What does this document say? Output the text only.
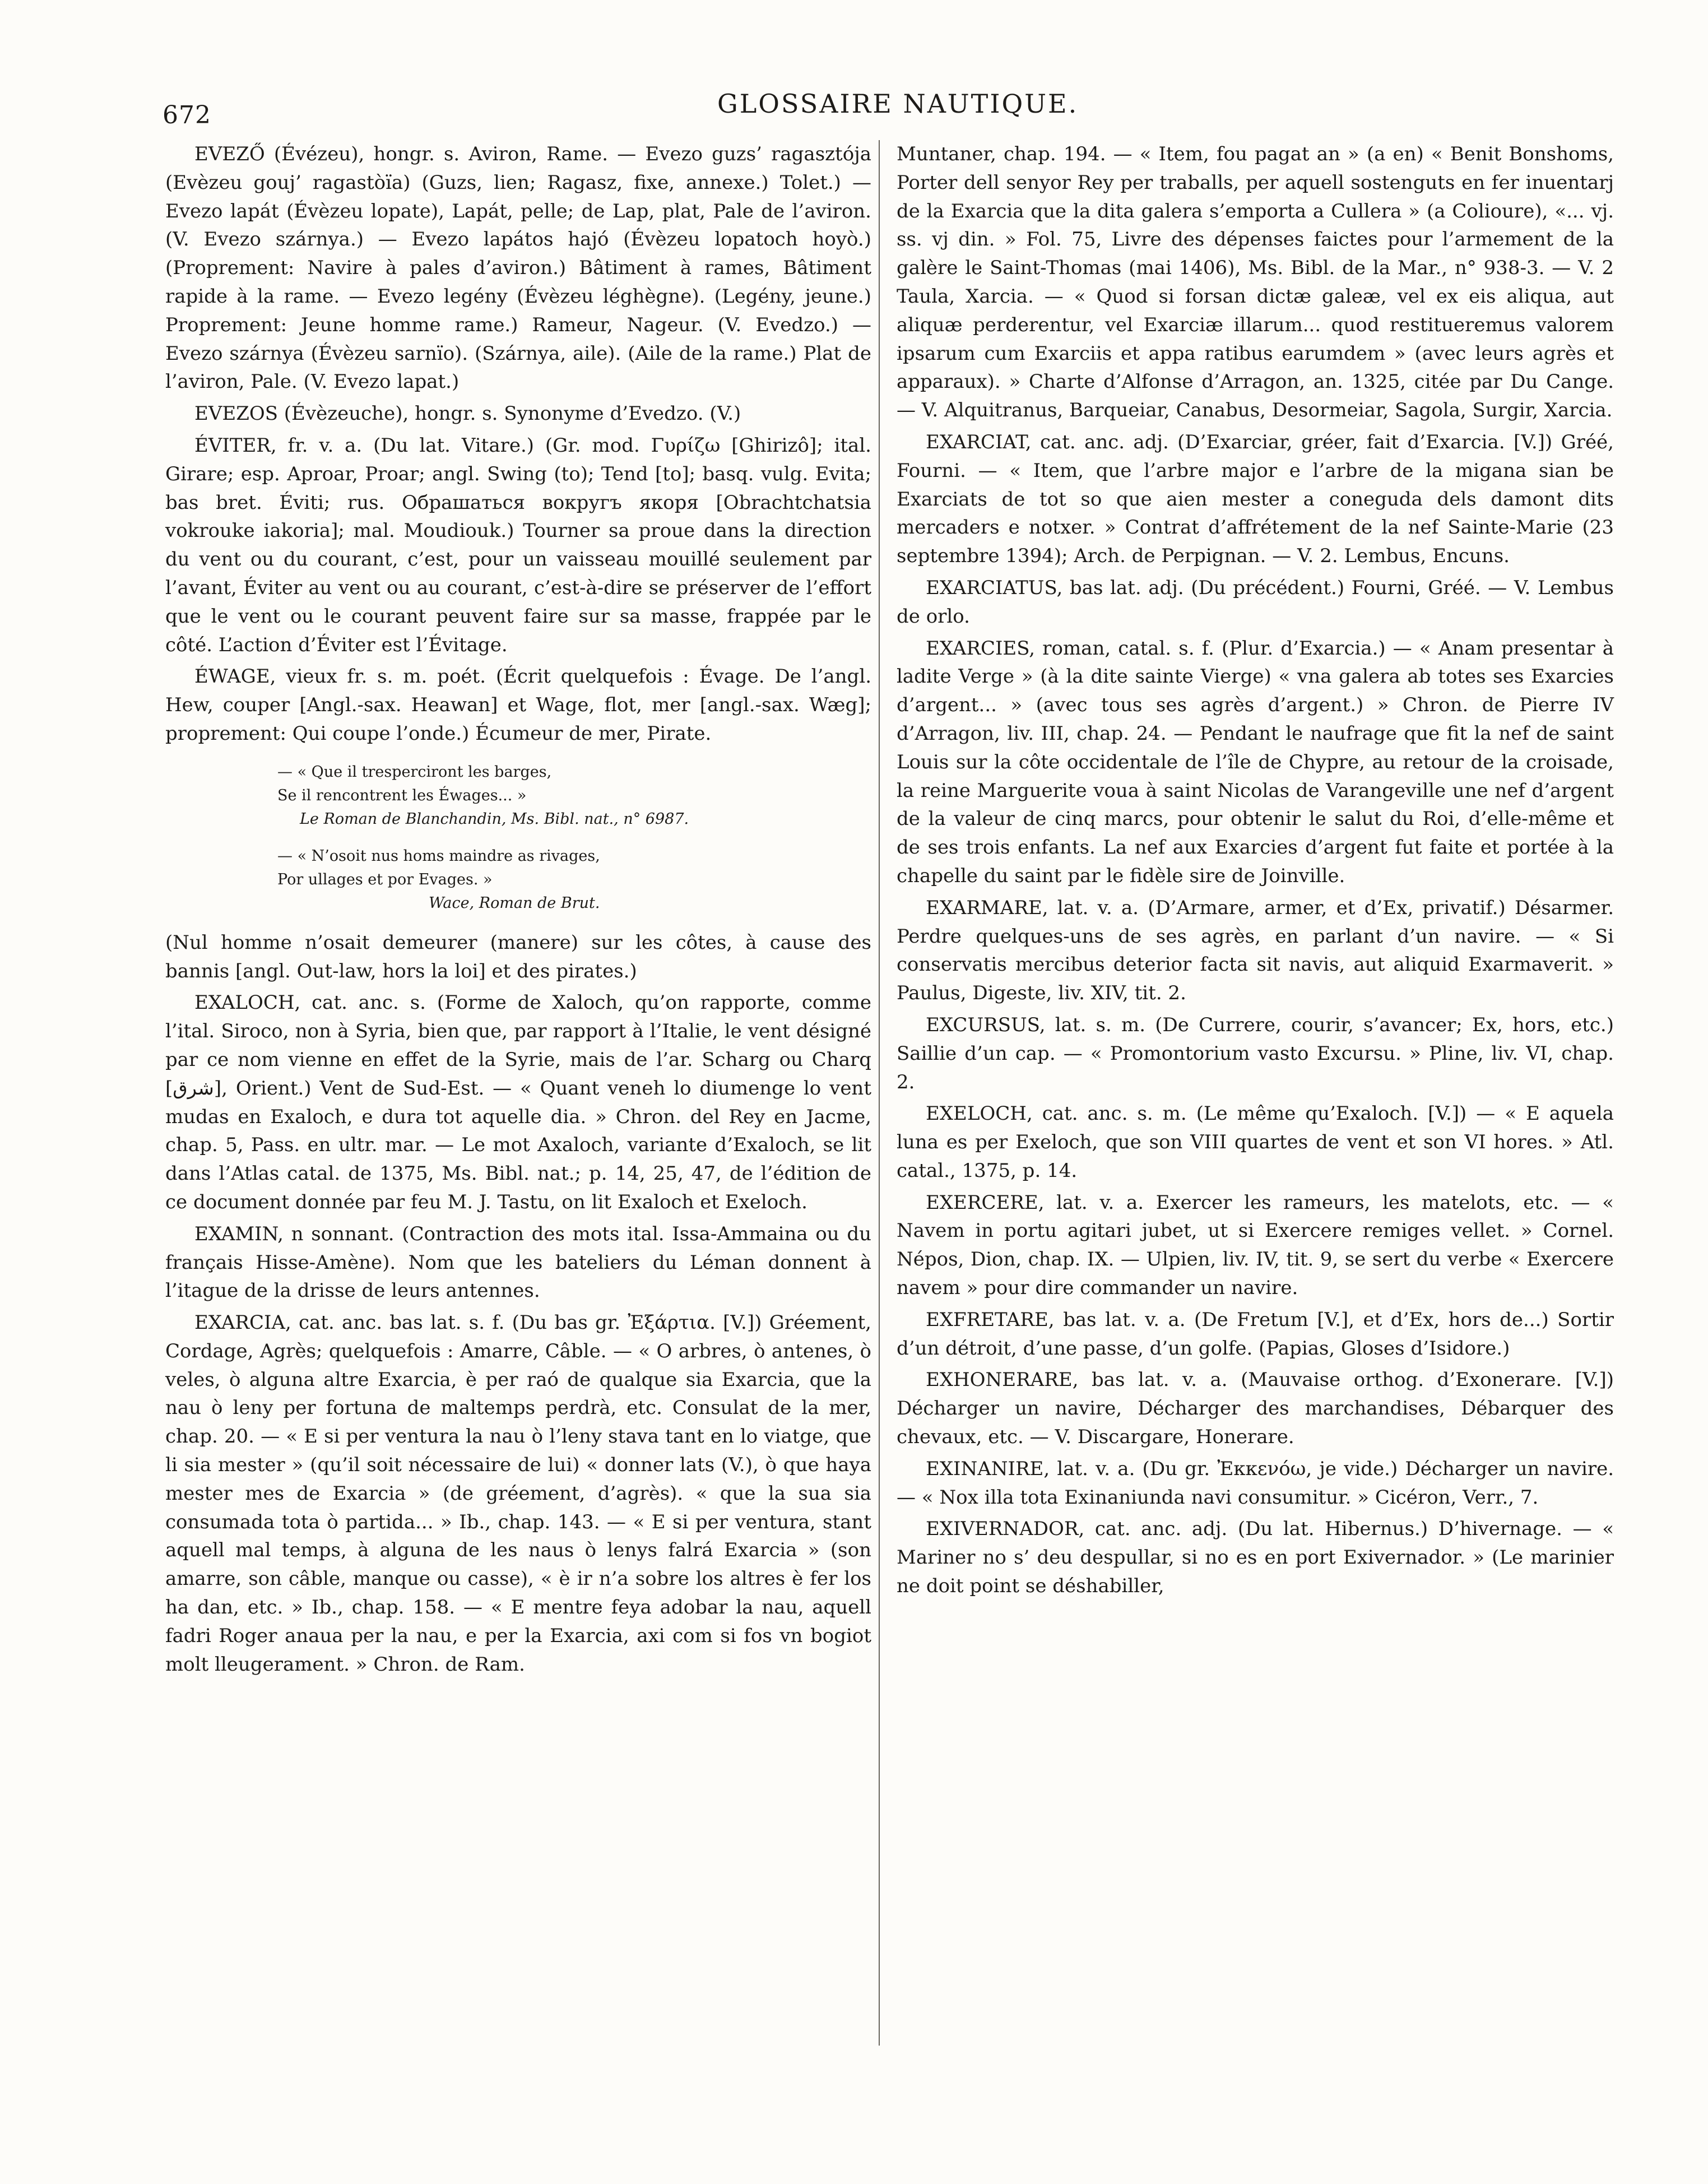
672	GLOSSAIRE NAUTIQUE.

EVEZŐ (Évézeu), hongr. s. Aviron, Rame. — Evezo guzs’ ragasztója (Evèzeu gouj’ ragastòïa) (Guzs, lien; Ragasz, fixe, annexe.) Tolet.) — Evezo lapát (Évèzeu lopate), Lapát, pelle; de Lap, plat, Pale de l’aviron. (V. Evezo szárnya.) — Evezo lapátos hajó (Évèzeu lopatoch hoyò.) (Proprement: Navire à pales d’aviron.) Bâtiment à rames, Bâtiment rapide à la rame. — Evezo legény (Évèzeu léghègne). (Legény, jeune.) Proprement: Jeune homme rame.) Rameur, Nageur. (V. Evedzo.) — Evezo szárnya (Évèzeu sarnïo). (Szárnya, aile). (Aile de la rame.) Plat de l’aviron, Pale. (V. Evezo lapat.)

EVEZOS (Évèzeuche), hongr. s. Synonyme d’Evedzo. (V.)

ÉVITER, fr. v. a. (Du lat. Vitare.) (Gr. mod. Γυρίζω [Ghirizô]; ital. Girare; esp. Aproar, Proar; angl. Swing (to); Tend [to]; basq. vulg. Evita; bas bret. Éviti; rus. Обрашаться вокругъ якоря [Obrachtchatsia vokrouke iakoria]; mal. Moudiouk.) Tourner sa proue dans la direction du vent ou du courant, c’est, pour un vaisseau mouillé seulement par l’avant, Éviter au vent ou au courant, c’est-à-dire se préserver de l’effort que le vent ou le courant peuvent faire sur sa masse, frappée par le côté. L’action d’Éviter est l’Évitage.

ÉWAGE, vieux fr. s. m. poét. (Écrit quelquefois : Évage. De l’angl. Hew, couper [Angl.-sax. Heawan] et Wage, flot, mer [angl.-sax. Wæg]; proprement: Qui coupe l’onde.) Écumeur de mer, Pirate.

— « Que il tresperciront les barges,
Se il rencontrent les Éwages... »
Le Roman de Blanchandin, Ms. Bibl. nat., n° 6987.
— « N’osoit nus homs maindre as rivages,
Por ullages et por Evages. »
Wace, Roman de Brut.

(Nul homme n’osait demeurer (manere) sur les côtes, à cause des bannis [angl. Out-law, hors la loi] et des pirates.)

EXALOCH, cat. anc. s. (Forme de Xaloch, qu’on rapporte, comme l’ital. Siroco, non à Syria, bien que, par rapport à l’Italie, le vent désigné par ce nom vienne en effet de la Syrie, mais de l’ar. Scharg ou Charq [شرق], Orient.) Vent de Sud-Est. — « Quant veneh lo diumenge lo vent mudas en Exaloch, e dura tot aquelle dia. » Chron. del Rey en Jacme, chap. 5, Pass. en ultr. mar. — Le mot Axaloch, variante d’Exaloch, se lit dans l’Atlas catal. de 1375, Ms. Bibl. nat.; p. 14, 25, 47, de l’édition de ce document donnée par feu M. J. Tastu, on lit Exaloch et Exeloch.

EXAMIN, n sonnant. (Contraction des mots ital. Issa-Ammaina ou du français Hisse-Amène). Nom que les bateliers du Léman donnent à l’itague de la drisse de leurs antennes.

EXARCIA, cat. anc. bas lat. s. f. (Du bas gr. Ἐξάρτια. [V.]) Gréement, Cordage, Agrès; quelquefois : Amarre, Câble. — « O arbres, ò antenes, ò veles, ò alguna altre Exarcia, è per raó de qualque sia Exarcia, que la nau ò leny per fortuna de maltemps perdrà, etc. Consulat de la mer, chap. 20. — « E si per ventura la nau ò l’leny stava tant en lo viatge, que li sia mester » (qu’il soit nécessaire de lui) « donner lats (V.), ò que haya mester mes de Exarcia » (de gréement, d’agrès). « que la sua sia consumada tota ò partida... » Ib., chap. 143. — « E si per ventura, stant aquell mal temps, à alguna de les naus ò lenys falrá Exarcia » (son amarre, son câble, manque ou casse), « è ir n’a sobre los altres è fer los ha dan, etc. » Ib., chap. 158. — « E mentre feya adobar la nau, aquell fadri Roger anaua per la nau, e per la Exarcia, axi com si fos vn bogiot molt lleugerament. » Chron. de Ram.

Muntaner, chap. 194. — « Item, fou pagat an » (a en) « Benit Bonshoms, Porter dell senyor Rey per traballs, per aquell sostenguts en fer inuentarj de la Exarcia que la dita galera s’emporta a Cullera » (a Colioure), «... vj. ss. vj din. » Fol. 75, Livre des dépenses faictes pour l’armement de la galère le Saint-Thomas (mai 1406), Ms. Bibl. de la Mar., n° 938-3. — V. 2 Taula, Xarcia. — « Quod si forsan dictæ galeæ, vel ex eis aliqua, aut aliquæ perderentur, vel Exarciæ illarum... quod restitueremus valorem ipsarum cum Exarciis et appa ratibus earumdem » (avec leurs agrès et apparaux). » Charte d’Alfonse d’Arragon, an. 1325, citée par Du Cange. — V. Alquitranus, Barqueiar, Canabus, Desormeiar, Sagola, Surgir, Xarcia.

EXARCIAT, cat. anc. adj. (D’Exarciar, gréer, fait d’Exarcia. [V.]) Gréé, Fourni. — « Item, que l’arbre major e l’arbre de la migana sian be Exarciats de tot so que aien mester a coneguda dels damont dits mercaders e notxer. » Contrat d’affrétement de la nef Sainte-Marie (23 septembre 1394); Arch. de Perpignan. — V. 2. Lembus, Encuns.

EXARCIATUS, bas lat. adj. (Du précédent.) Fourni, Gréé. — V. Lembus de orlo.

EXARCIES, roman, catal. s. f. (Plur. d’Exarcia.) — « Anam presentar à ladite Verge » (à la dite sainte Vierge) « vna galera ab totes ses Exarcies d’argent... » (avec tous ses agrès d’argent.) » Chron. de Pierre IV d’Arragon, liv. III, chap. 24. — Pendant le naufrage que fit la nef de saint Louis sur la côte occidentale de l’île de Chypre, au retour de la croisade, la reine Marguerite voua à saint Nicolas de Varangeville une nef d’argent de la valeur de cinq marcs, pour obtenir le salut du Roi, d’elle-même et de ses trois enfants. La nef aux Exarcies d’argent fut faite et portée à la chapelle du saint par le fidèle sire de Joinville.

EXARMARE, lat. v. a. (D’Armare, armer, et d’Ex, privatif.) Désarmer. Perdre quelques-uns de ses agrès, en parlant d’un navire. — « Si conservatis mercibus deterior facta sit navis, aut aliquid Exarmaverit. » Paulus, Digeste, liv. XIV, tit. 2.

EXCURSUS, lat. s. m. (De Currere, courir, s’avancer; Ex, hors, etc.) Saillie d’un cap. — « Promontorium vasto Excursu. » Pline, liv. VI, chap. 2.

EXELOCH, cat. anc. s. m. (Le même qu’Exaloch. [V.]) — « E aquela luna es per Exeloch, que son VIII quartes de vent et son VI hores. » Atl. catal., 1375, p. 14.

EXERCERE, lat. v. a. Exercer les rameurs, les matelots, etc. — « Navem in portu agitari jubet, ut si Exercere remiges vellet. » Cornel. Népos, Dion, chap. IX. — Ulpien, liv. IV, tit. 9, se sert du verbe « Exercere navem » pour dire commander un navire.

EXFRETARE, bas lat. v. a. (De Fretum [V.], et d’Ex, hors de...) Sortir d’un détroit, d’une passe, d’un golfe. (Papias, Gloses d’Isidore.)

EXHONERARE, bas lat. v. a. (Mauvaise orthog. d’Exonerare. [V.]) Décharger un navire, Décharger des marchandises, Débarquer des chevaux, etc. — V. Discargare, Honerare.

EXINANIRE, lat. v. a. (Du gr. Ἐκκενόω, je vide.) Décharger un navire. — « Nox illa tota Exinaniunda navi consumitur. » Cicéron, Verr., 7.

EXIVERNADOR, cat. anc. adj. (Du lat. Hibernus.) D’hivernage. — « Mariner no s’ deu despullar, si no es en port Exivernador. » (Le marinier ne doit point se déshabiller,
